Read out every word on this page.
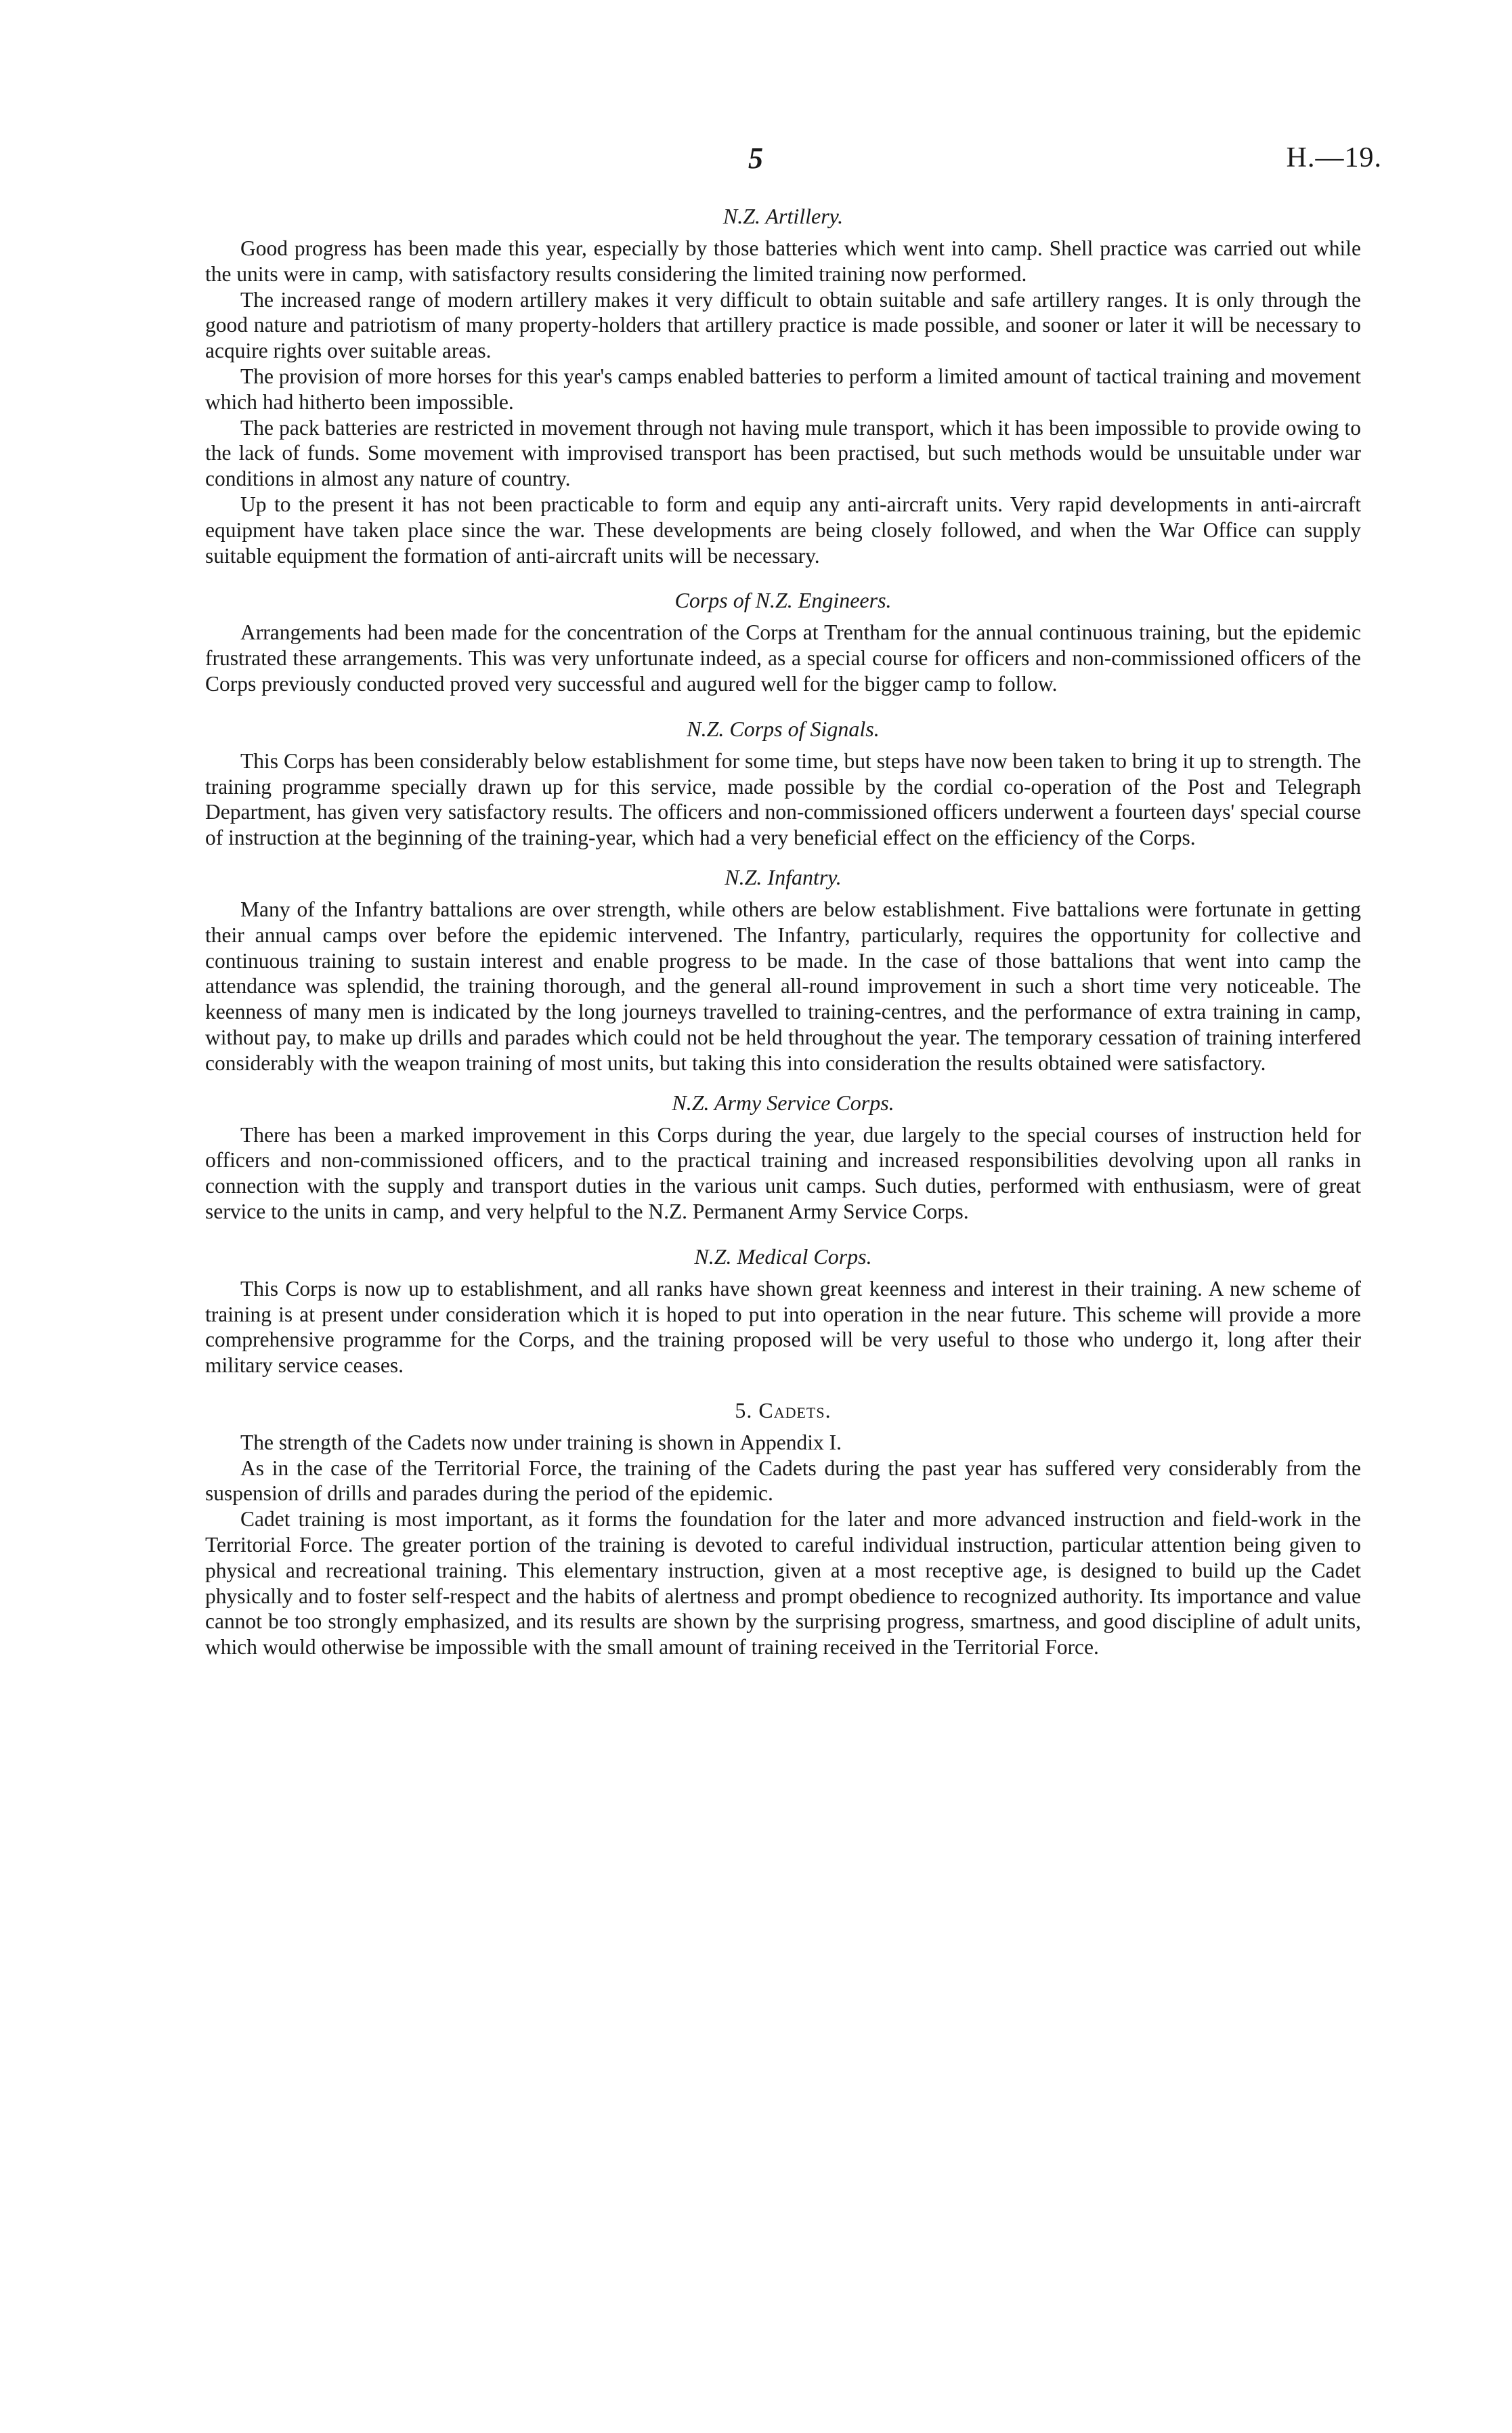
5	H.—19.
N.Z. Artillery.

Good progress has been made this year, especially by those batteries which went into camp. Shell practice was carried out while the units were in camp, with satisfactory results considering the limited training now performed.

The increased range of modern artillery makes it very difficult to obtain suitable and safe artillery ranges. It is only through the good nature and patriotism of many property-holders that artillery practice is made possible, and sooner or later it will be necessary to acquire rights over suitable areas.

The provision of more horses for this year's camps enabled batteries to perform a limited amount of tactical training and movement which had hitherto been impossible.

The pack batteries are restricted in movement through not having mule transport, which it has been impossible to provide owing to the lack of funds. Some movement with improvised transport has been practised, but such methods would be unsuitable under war conditions in almost any nature of country.

Up to the present it has not been practicable to form and equip any anti-aircraft units. Very rapid developments in anti-aircraft equipment have taken place since the war. These developments are being closely followed, and when the War Office can supply suitable equipment the formation of anti-aircraft units will be necessary.

Corps of N.Z. Engineers.

Arrangements had been made for the concentration of the Corps at Trentham for the annual continuous training, but the epidemic frustrated these arrangements. This was very unfortunate indeed, as a special course for officers and non-commissioned officers of the Corps previously conducted proved very successful and augured well for the bigger camp to follow.

N.Z. Corps of Signals.

This Corps has been considerably below establishment for some time, but steps have now been taken to bring it up to strength. The training programme specially drawn up for this service, made possible by the cordial co-operation of the Post and Telegraph Department, has given very satisfactory results. The officers and non-commissioned officers underwent a fourteen days' special course of instruction at the beginning of the training-year, which had a very beneficial effect on the efficiency of the Corps.

N.Z. Infantry.

Many of the Infantry battalions are over strength, while others are below establishment. Five battalions were fortunate in getting their annual camps over before the epidemic intervened. The Infantry, particularly, requires the opportunity for collective and continuous training to sustain interest and enable progress to be made. In the case of those battalions that went into camp the attendance was splendid, the training thorough, and the general all-round improvement in such a short time very noticeable. The keenness of many men is indicated by the long journeys travelled to training-centres, and the performance of extra training in camp, without pay, to make up drills and parades which could not be held throughout the year. The temporary cessation of training interfered considerably with the weapon training of most units, but taking this into consideration the results obtained were satisfactory.

N.Z. Army Service Corps.

There has been a marked improvement in this Corps during the year, due largely to the special courses of instruction held for officers and non-commissioned officers, and to the practical training and increased responsibilities devolving upon all ranks in connection with the supply and transport duties in the various unit camps. Such duties, performed with enthusiasm, were of great service to the units in camp, and very helpful to the N.Z. Permanent Army Service Corps.

N.Z. Medical Corps.

This Corps is now up to establishment, and all ranks have shown great keenness and interest in their training. A new scheme of training is at present under consideration which it is hoped to put into operation in the near future. This scheme will provide a more comprehensive programme for the Corps, and the training proposed will be very useful to those who undergo it, long after their military service ceases.

5. Cadets.

The strength of the Cadets now under training is shown in Appendix I.

As in the case of the Territorial Force, the training of the Cadets during the past year has suffered very considerably from the suspension of drills and parades during the period of the epidemic.

Cadet training is most important, as it forms the foundation for the later and more advanced instruction and field-work in the Territorial Force. The greater portion of the training is devoted to careful individual instruction, particular attention being given to physical and recreational training. This elementary instruction, given at a most receptive age, is designed to build up the Cadet physically and to foster self-respect and the habits of alertness and prompt obedience to recognized authority. Its importance and value cannot be too strongly emphasized, and its results are shown by the surprising progress, smartness, and good discipline of adult units, which would otherwise be impossible with the small amount of training received in the Territorial Force.
